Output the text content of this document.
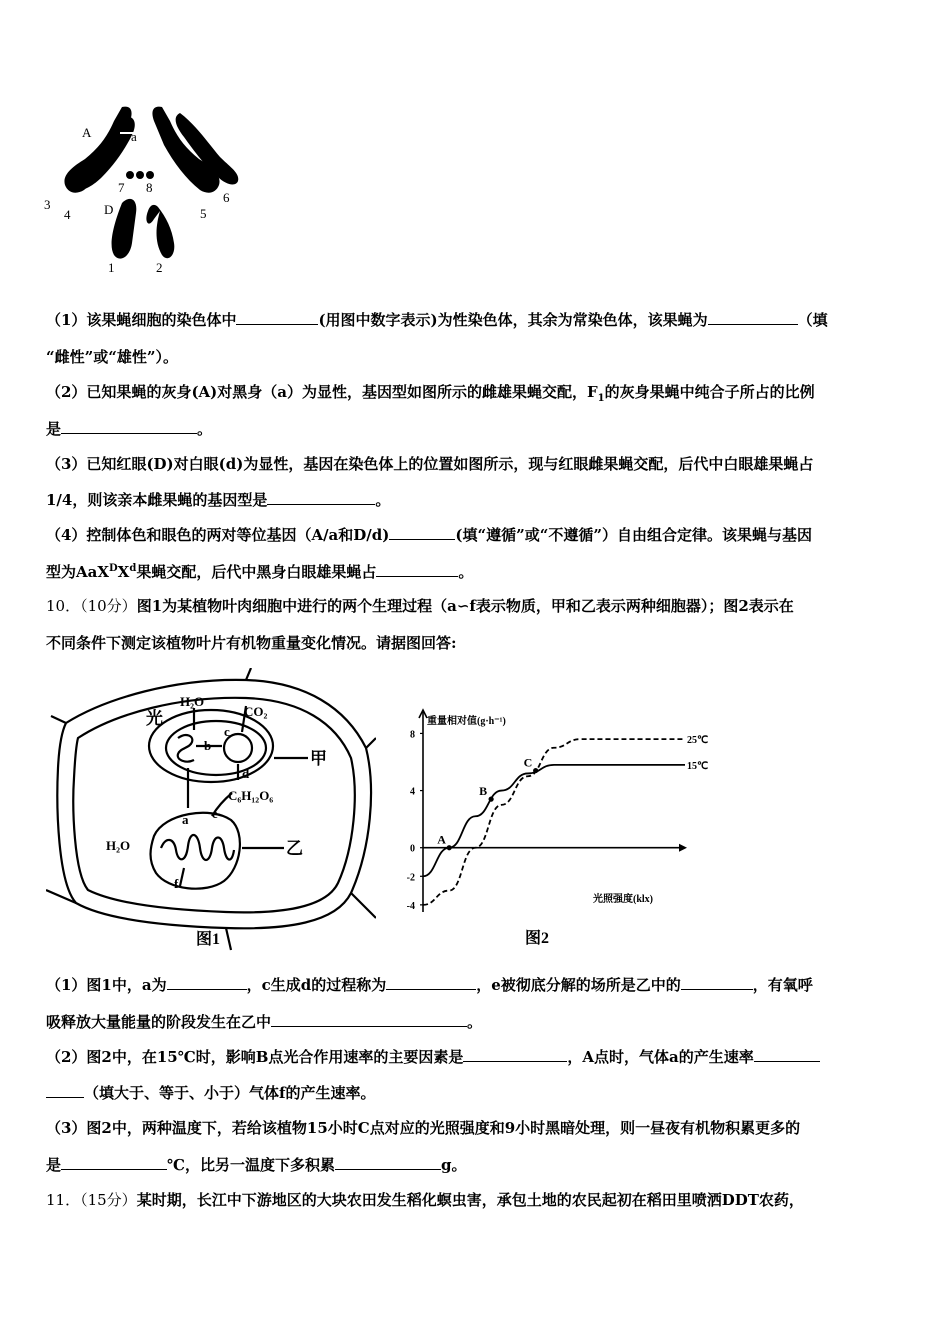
A	a
7 8
3
4	D	5
6
1	2
（1）该果蝇细胞的染色体中	(用图中数字表示)为性染色体，其余为常染色体，该果蝇为	（填
“雌性”或“雄性”）。
（2）已知果蝇的灰身(A)对黑身（a）为显性，基因型如图所示的雌雄果蝇交配，$F_1$的灰身果蝇中纯合子所占的比例
是	。
（3）已知红眼(D)对白眼(d)为显性，基因在染色体上的位置如图所示，现与红眼雌果蝇交配，后代中白眼雄果蝇占
1/4，则该亲本雌果蝇的基因型是	。
（4）控制体色和眼色的两对等位基因（A/a和D/d)	(填“遵循”或“不遵循”）自由组合定律。该果蝇与基因
型为$AaX^DX^d$果蝇交配，后代中黑身白眼雄果蝇占	。
10．（10分）图1为某植物叶肉细胞中进行的两个生理过程（a∽f表示物质，甲和乙表示两种细胞器）；图2表示在
不同条件下测定该植物叶片有机物重量变化情况。请据图回答:
H₂O
光	CO₂
b
c
d
甲
a e
C₆H₁₂O₆
H₂O	乙
f
图1
重量相对值(g·h⁻¹)
光照强度(klx)
图2
8
4
0
-2
-4
25℃
15℃
A
B
C
（1）图1中，a为	，c生成d的过程称为	，e被彻底分解的场所是乙中的	，有氧呼
吸释放大量能量的阶段发生在乙中	。
（2）图2中，在15℃时，影响B点光合作用速率的主要因素是	，A点时，气体a的产生速率
（填大于、等于、小于）气体f的产生速率。
（3）图2中，两种温度下，若给该植物15小时C点对应的光照强度和9小时黑暗处理，则一昼夜有机物积累更多的
是	℃，比另一温度下多积累	g。
11．（15分）某时期，长江中下游地区的大块农田发生稻化螟虫害，承包土地的农民起初在稻田里喷洒DDT农药，
